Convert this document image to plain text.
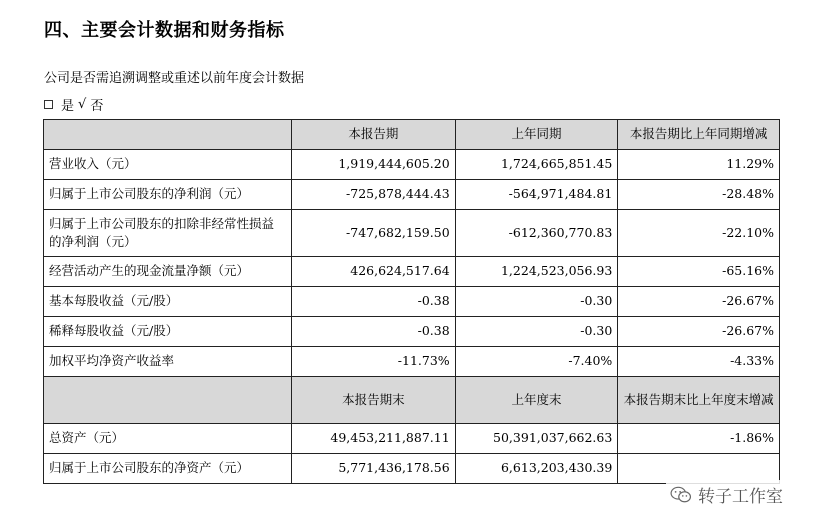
四、主要会计数据和财务指标
公司是否需追溯调整或重述以前年度会计数据
是 √ 否
	本报告期	上年同期	本报告期比上年同期增减
营业收入（元）	1,919,444,605.20	1,724,665,851.45	11.29%
归属于上市公司股东的净利润（元）	-725,878,444.43	-564,971,484.81	-28.48%
归属于上市公司股东的扣除非经常性损益的净利润（元）	-747,682,159.50	-612,360,770.83	-22.10%
经营活动产生的现金流量净额（元）	426,624,517.64	1,224,523,056.93	-65.16%
基本每股收益（元/股）	-0.38	-0.30	-26.67%
稀释每股收益（元/股）	-0.38	-0.30	-26.67%
加权平均净资产收益率	-11.73%	-7.40%	-4.33%
	本报告期末	上年度末	本报告期末比上年度末增减
总资产（元）	49,453,211,887.11	50,391,037,662.63	-1.86%
归属于上市公司股东的净资产（元）	5,771,436,178.56	6,613,203,430.39	
转子工作室
